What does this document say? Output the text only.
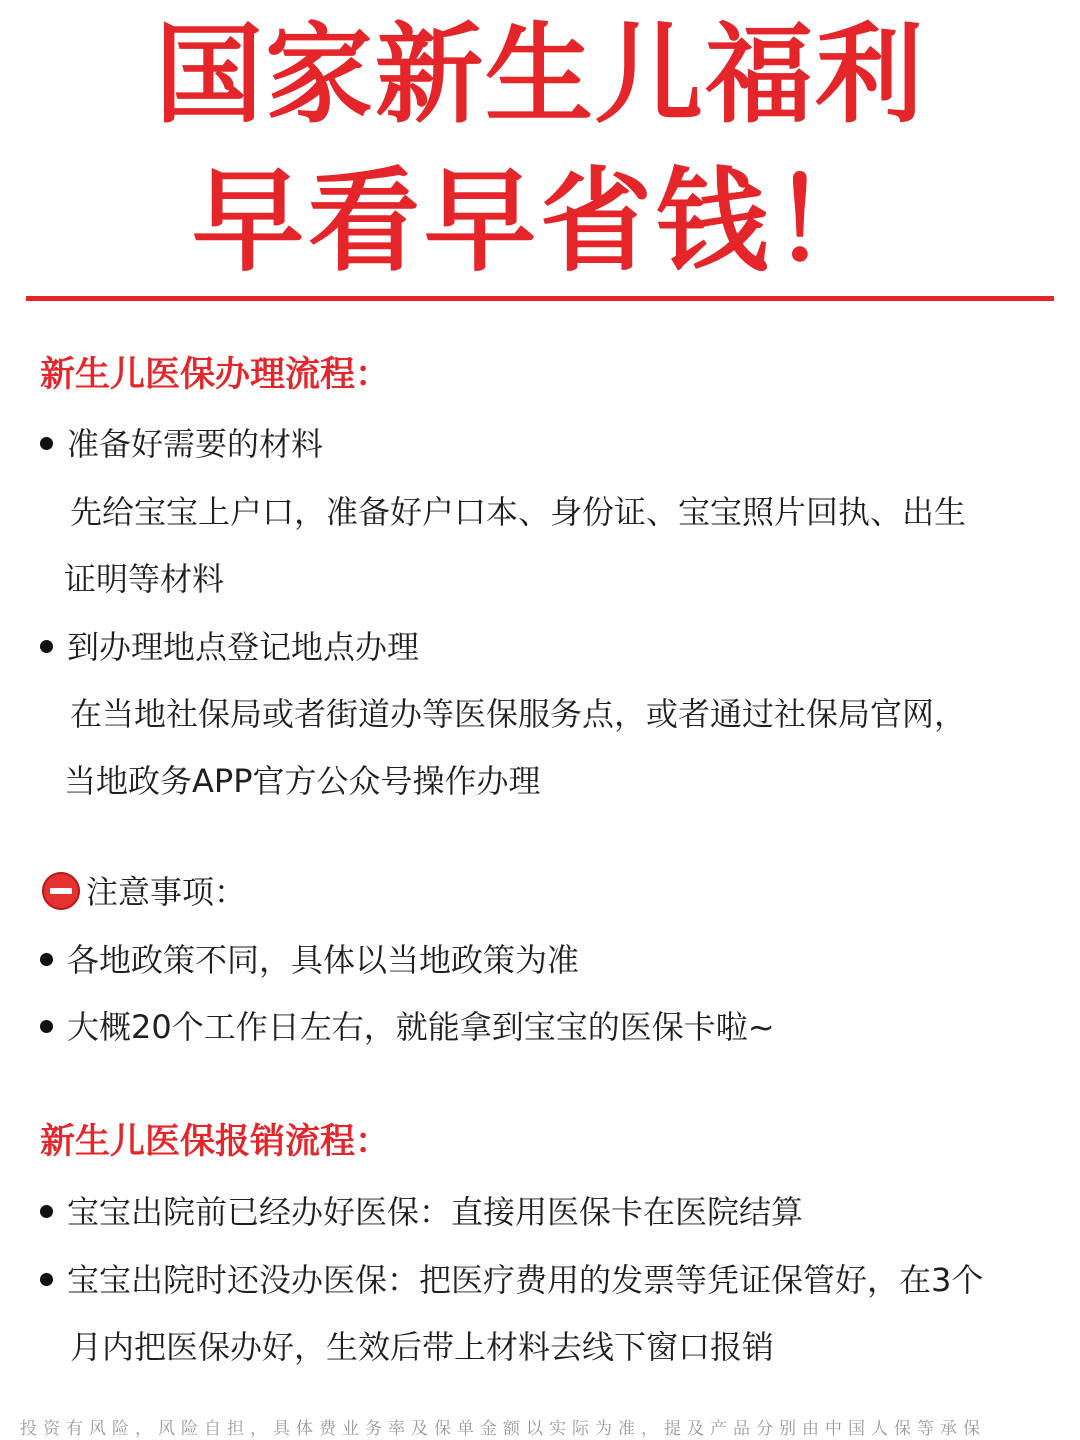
国家新生儿福利
早看早省钱！
新生儿医保办理流程：
准备好需要的材料
先给宝宝上户口，准备好户口本、身份证、宝宝照片回执、出生
证明等材料
到办理地点登记地点办理
在当地社保局或者街道办等医保服务点，或者通过社保局官网，
当地政务APP官方公众号操作办理
注意事项：
各地政策不同，具体以当地政策为准
大概20个工作日左右，就能拿到宝宝的医保卡啦~
新生儿医保报销流程：
宝宝出院前已经办好医保：直接用医保卡在医院结算
宝宝出院时还没办医保：把医疗费用的发票等凭证保管好，在3个
月内把医保办好，生效后带上材料去线下窗口报销
投资有风险，风险自担，具体费业务率及保单金额以实际为准，提及产品分别由中国人保等承保
